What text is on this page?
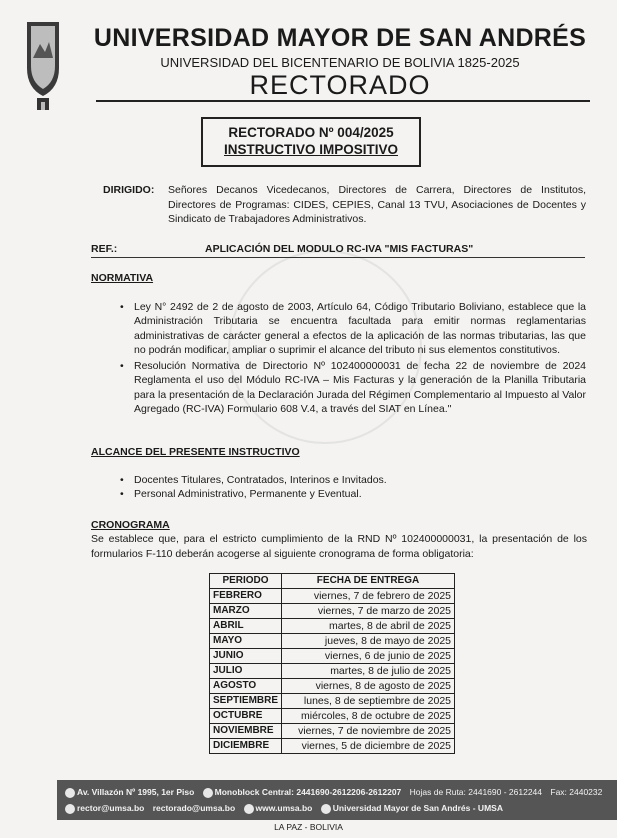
UNIVERSIDAD MAYOR DE SAN ANDRÉS
UNIVERSIDAD DEL BICENTENARIO DE BOLIVIA 1825-2025
RECTORADO
RECTORADO Nº 004/2025
INSTRUCTIVO IMPOSITIVO
DIRIGIDO: Señores Decanos Vicedecanos, Directores de Carrera, Directores de Institutos, Directores de Programas: CIDES, CEPIES, Canal 13 TVU, Asociaciones de Docentes y Sindicato de Trabajadores Administrativos.
REF.:	APLICACIÓN DEL MODULO RC-IVA "MIS FACTURAS"
NORMATIVA
• Ley N° 2492 de 2 de agosto de 2003, Artículo 64, Código Tributario Boliviano, establece que la Administración Tributaria se encuentra facultada para emitir normas reglamentarias administrativas de carácter general a efectos de la aplicación de las normas tributarias, las que no podrán modificar, ampliar o suprimir el alcance del tributo ni sus elementos constitutivos.
• Resolución Normativa de Directorio Nº 102400000031 de fecha 22 de noviembre de 2024 Reglamenta el uso del Módulo RC-IVA – Mis Facturas y la generación de la Planilla Tributaria para la presentación de la Declaración Jurada del Régimen Complementario al Impuesto al Valor Agregado (RC-IVA) Formulario 608 V.4, a través del SIAT en Línea."
ALCANCE DEL PRESENTE INSTRUCTIVO
• Docentes Titulares, Contratados, Interinos e Invitados.
• Personal Administrativo, Permanente y Eventual.
CRONOGRAMA
Se establece que, para el estricto cumplimiento de la RND Nº 102400000031, la presentación de los formularios F-110 deberán acogerse al siguiente cronograma de forma obligatoria:
PERIODO	FECHA DE ENTREGA
FEBRERO	viernes, 7 de febrero de 2025
MARZO	viernes, 7 de marzo de 2025
ABRIL	martes, 8 de abril de 2025
MAYO	jueves, 8 de mayo de 2025
JUNIO	viernes, 6 de junio de 2025
JULIO	martes, 8 de julio de 2025
AGOSTO	viernes, 8 de agosto de 2025
SEPTIEMBRE	lunes, 8 de septiembre de 2025
OCTUBRE	miércoles, 8 de octubre de 2025
NOVIEMBRE	viernes, 7 de noviembre de 2025
DICIEMBRE	viernes, 5 de diciembre de 2025
Av. Villazón Nº 1995, 1er Piso Monoblock Central: 2441690-2612206-2612207 Hojas de Ruta: 2441690 - 2612244 Fax: 2440232
rector@umsa.bo rectorado@umsa.bo www.umsa.bo Universidad Mayor de San Andrés - UMSA
LA PAZ - BOLIVIA
